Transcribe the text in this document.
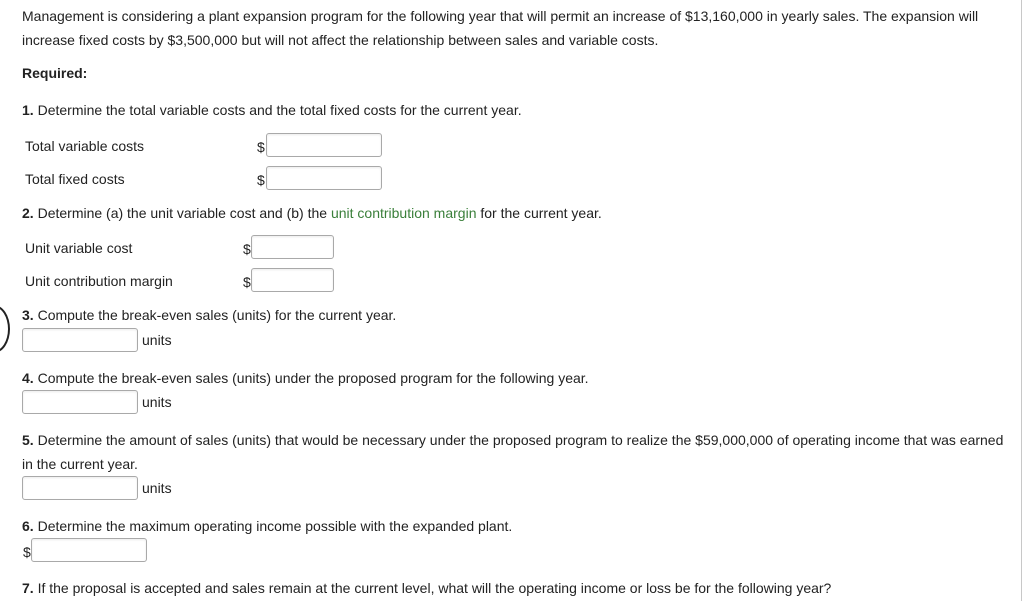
Management is considering a plant expansion program for the following year that will permit an increase of $13,160,000 in yearly sales. The expansion will increase fixed costs by $3,500,000 but will not affect the relationship between sales and variable costs.
Required:
1. Determine the total variable costs and the total fixed costs for the current year.
Total variable costs	$
Total fixed costs	$
2. Determine (a) the unit variable cost and (b) the unit contribution margin for the current year.
Unit variable cost	$
Unit contribution margin	$
3. Compute the break-even sales (units) for the current year.
units
4. Compute the break-even sales (units) under the proposed program for the following year.
units
5. Determine the amount of sales (units) that would be necessary under the proposed program to realize the $59,000,000 of operating income that was earned in the current year.
units
6. Determine the maximum operating income possible with the expanded plant.
$
7. If the proposal is accepted and sales remain at the current level, what will the operating income or loss be for the following year?
